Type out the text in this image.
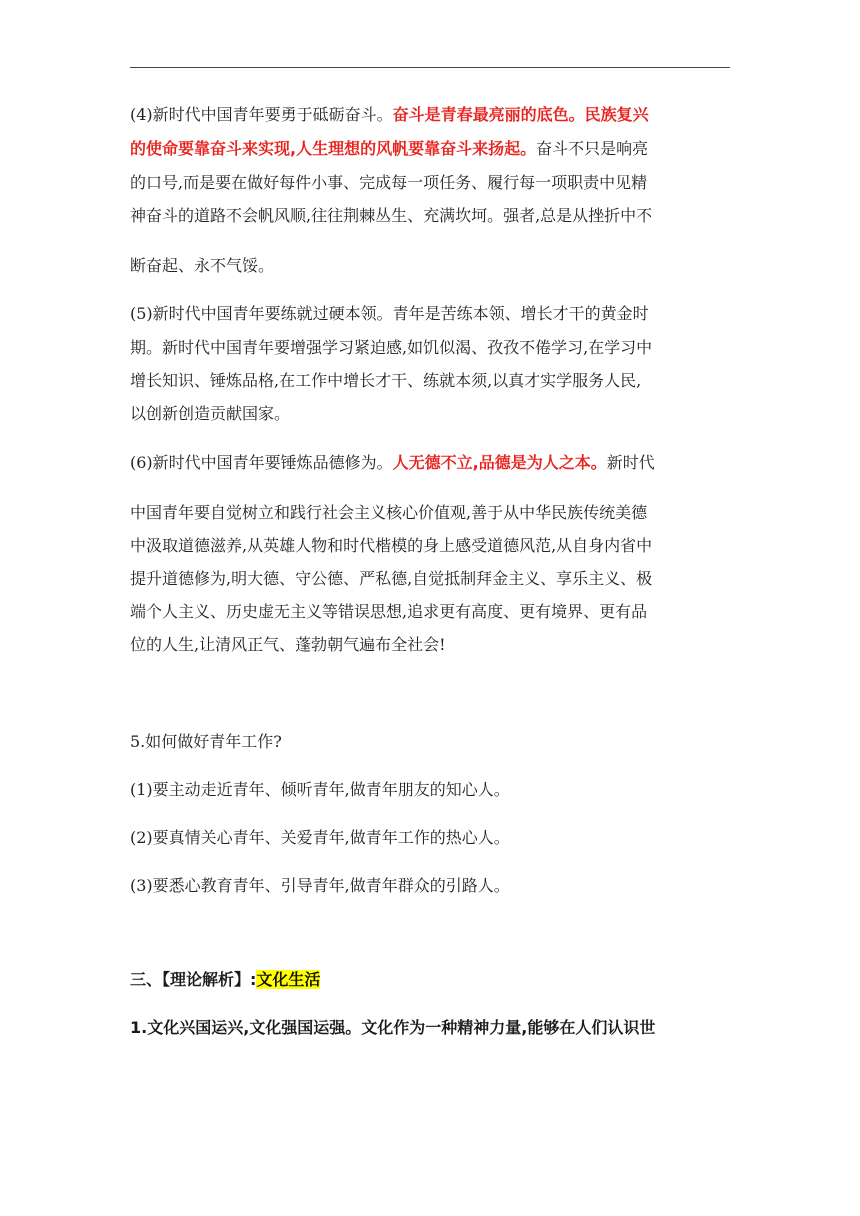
(4)新时代中国青年要勇于砥砺奋斗。奋斗是青春最亮丽的底色。民族复兴
的使命要靠奋斗来实现,人生理想的风帆要靠奋斗来扬起。奋斗不只是响亮
的口号,而是要在做好每件小事、完成每一项任务、履行每一项职责中见精
神奋斗的道路不会帆风顺,往往荆棘丛生、充满坎坷。强者,总是从挫折中不
断奋起、永不气馁。
(5)新时代中国青年要练就过硬本领。青年是苦练本领、增长才干的黄金时
期。新时代中国青年要增强学习紧迫感,如饥似渴、孜孜不倦学习,在学习中
增长知识、锤炼品格,在工作中增长才干、练就本须,以真才实学服务人民,
以创新创造贡献国家。
(6)新时代中国青年要锤炼品德修为。人无德不立,品德是为人之本。新时代
中国青年要自觉树立和践行社会主义核心价值观,善于从中华民族传统美德
中汲取道德滋养,从英雄人物和时代楷模的身上感受道德风范,从自身内省中
提升道德修为,明大德、守公德、严私德,自觉抵制拜金主义、享乐主义、极
端个人主义、历史虚无主义等错误思想,追求更有高度、更有境界、更有品
位的人生,让清风正气、蓬勃朝气遍布全社会!
5.如何做好青年工作?
(1)要主动走近青年、倾听青年,做青年朋友的知心人。
(2)要真情关心青年、关爱青年,做青年工作的热心人。
(3)要悉心教育青年、引导青年,做青年群众的引路人。
三、【理论解析】:文化生活
1.文化兴国运兴,文化强国运强。文化作为一种精神力量,能够在人们认识世
